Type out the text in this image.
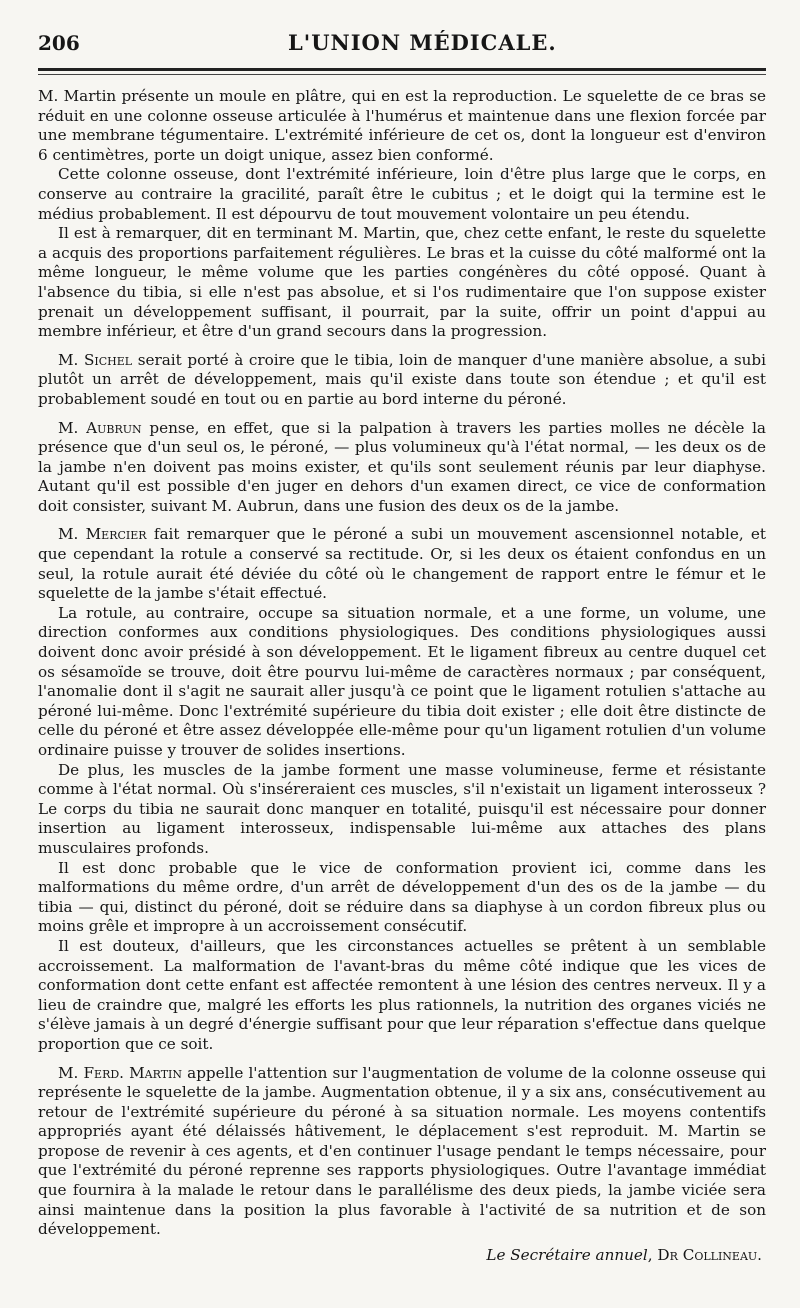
206	L'UNION MÉDICALE.

M. Martin présente un moule en plâtre, qui en est la reproduction. Le squelette de ce bras se réduit en une colonne osseuse articulée à l'humérus et maintenue dans une flexion forcée par une membrane tégumentaire. L'extrémité inférieure de cet os, dont la longueur est d'environ 6 centimètres, porte un doigt unique, assez bien conformé.

Cette colonne osseuse, dont l'extrémité inférieure, loin d'être plus large que le corps, en conserve au contraire la gracilité, paraît être le cubitus ; et le doigt qui la termine est le médius probablement. Il est dépourvu de tout mouvement volontaire un peu étendu.

Il est à remarquer, dit en terminant M. Martin, que, chez cette enfant, le reste du squelette a acquis des proportions parfaitement régulières. Le bras et la cuisse du côté malformé ont la même longueur, le même volume que les parties congénères du côté opposé. Quant à l'absence du tibia, si elle n'est pas absolue, et si l'os rudimentaire que l'on suppose exister prenait un développement suffisant, il pourrait, par la suite, offrir un point d'appui au membre inférieur, et être d'un grand secours dans la progression.

M. Sichel serait porté à croire que le tibia, loin de manquer d'une manière absolue, a subi plutôt un arrêt de développement, mais qu'il existe dans toute son étendue ; et qu'il est probablement soudé en tout ou en partie au bord interne du péroné.

M. Aubrun pense, en effet, que si la palpation à travers les parties molles ne décèle la présence que d'un seul os, le péroné, — plus volumineux qu'à l'état normal, — les deux os de la jambe n'en doivent pas moins exister, et qu'ils sont seulement réunis par leur diaphyse. Autant qu'il est possible d'en juger en dehors d'un examen direct, ce vice de conformation doit consister, suivant M. Aubrun, dans une fusion des deux os de la jambe.

M. Mercier fait remarquer que le péroné a subi un mouvement ascensionnel notable, et que cependant la rotule a conservé sa rectitude. Or, si les deux os étaient confondus en un seul, la rotule aurait été déviée du côté où le changement de rapport entre le fémur et le squelette de la jambe s'était effectué.

La rotule, au contraire, occupe sa situation normale, et a une forme, un volume, une direction conformes aux conditions physiologiques. Des conditions physiologiques aussi doivent donc avoir présidé à son développement. Et le ligament fibreux au centre duquel cet os sésamoïde se trouve, doit être pourvu lui-même de caractères normaux ; par conséquent, l'anomalie dont il s'agit ne saurait aller jusqu'à ce point que le ligament rotulien s'attache au péroné lui-même. Donc l'extrémité supérieure du tibia doit exister ; elle doit être distincte de celle du péroné et être assez développée elle-même pour qu'un ligament rotulien d'un volume ordinaire puisse y trouver de solides insertions.

De plus, les muscles de la jambe forment une masse volumineuse, ferme et résistante comme à l'état normal. Où s'inséreraient ces muscles, s'il n'existait un ligament interosseux ? Le corps du tibia ne saurait donc manquer en totalité, puisqu'il est nécessaire pour donner insertion au ligament interosseux, indispensable lui-même aux attaches des plans musculaires profonds.

Il est donc probable que le vice de conformation provient ici, comme dans les malformations du même ordre, d'un arrêt de développement d'un des os de la jambe — du tibia — qui, distinct du péroné, doit se réduire dans sa diaphyse à un cordon fibreux plus ou moins grêle et impropre à un accroissement consécutif.

Il est douteux, d'ailleurs, que les circonstances actuelles se prêtent à un semblable accroissement. La malformation de l'avant-bras du même côté indique que les vices de conformation dont cette enfant est affectée remontent à une lésion des centres nerveux. Il y a lieu de craindre que, malgré les efforts les plus rationnels, la nutrition des organes viciés ne s'élève jamais à un degré d'énergie suffisant pour que leur réparation s'effectue dans quelque proportion que ce soit.

M. Ferd. Martin appelle l'attention sur l'augmentation de volume de la colonne osseuse qui représente le squelette de la jambe. Augmentation obtenue, il y a six ans, consécutivement au retour de l'extrémité supérieure du péroné à sa situation normale. Les moyens contentifs appropriés ayant été délaissés hâtivement, le déplacement s'est reproduit. M. Martin se propose de revenir à ces agents, et d'en continuer l'usage pendant le temps nécessaire, pour que l'extrémité du péroné reprenne ses rapports physiologiques. Outre l'avantage immédiat que fournira à la malade le retour dans le parallélisme des deux pieds, la jambe viciée sera ainsi maintenue dans la position la plus favorable à l'activité de sa nutrition et de son développement.

Le Secrétaire annuel, Dr Collineau.
